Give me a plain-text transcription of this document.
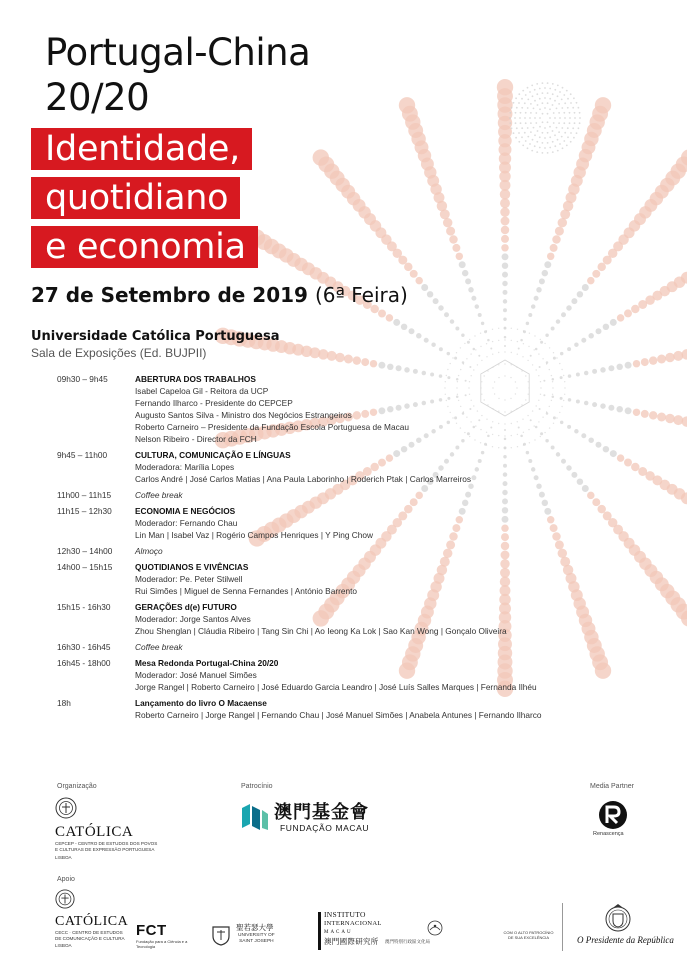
Portugal-China
20/20
Identidade,
quotidiano
e economia
27 de Setembro de 2019 (6ª Feira)
Universidade Católica Portuguesa
Sala de Exposições (Ed. BUJPII)
09h30 – 9h45	ABERTURA DOS TRABALHOS
Isabel Capeloa Gil - Reitora da UCP
Fernando Ilharco - Presidente do CEPCEP
Augusto Santos Silva - Ministro dos Negócios Estrangeiros
Roberto Carneiro – Presidente da Fundação Escola Portuguesa de Macau
Nelson Ribeiro - Director da FCH
9h45 – 11h00	CULTURA, COMUNICAÇÃO E LÍNGUAS
Moderadora: Marília Lopes
Carlos André | José Carlos Matias | Ana Paula Laborinho | Roderich Ptak | Carlos Marreiros
11h00 – 11h15	Coffee break
11h15 – 12h30	ECONOMIA E NEGÓCIOS
Moderador: Fernando Chau
Lin Man | Isabel Vaz | Rogério Campos Henriques | Y Ping Chow
12h30 – 14h00	Almoço
14h00 – 15h15	QUOTIDIANOS E VIVÊNCIAS
Moderador: Pe. Peter Stilwell
Rui Simões | Miguel de Senna Fernandes | António Barrento
15h15 - 16h30	GERAÇÕES d(e) FUTURO
Moderador: Jorge Santos Alves
Zhou Shenglan | Cláudia Ribeiro | Tang Sin Chi | Ao Ieong Ka Lok | Sao Kan Wong | Gonçalo Oliveira
16h30 - 16h45	Coffee break
16h45 - 18h00	Mesa Redonda Portugal-China 20/20
Moderador: José Manuel Simões
Jorge Rangel | Roberto Carneiro | José Eduardo Garcia Leandro | José Luís Salles Marques | Fernanda Ilhéu
18h	Lançamento do livro O Macaense
Roberto Carneiro | Jorge Rangel | Fernando Chau | José Manuel Simões | Anabela Antunes | Fernando Ilharco
Organização	Patrocínio	Media Partner
Apoio
CATÓLICA
CEPCEP - CENTRO DE ESTUDOS DOS POVOS
E CULTURAS DE EXPRESSÃO PORTUGUESA
LISBOA
澳門基金會
FUNDAÇÃO MACAU
Renascença
CATÓLICA
CECC · CENTRO DE ESTUDOS
DE COMUNICAÇÃO E CULTURA
LISBOA
FCT
Fundação para a Ciência e a Tecnologia
聖若瑟大學
UNIVERSITY OF
SAINT JOSEPH
INSTITUTO
INTERNACIONAL
MACAU
澳門國際研究所	澳門特別行政區文化局
COM O ALTO PATROCÍNIO
DE SUA EXCELÊNCIA	O Presidente da República
